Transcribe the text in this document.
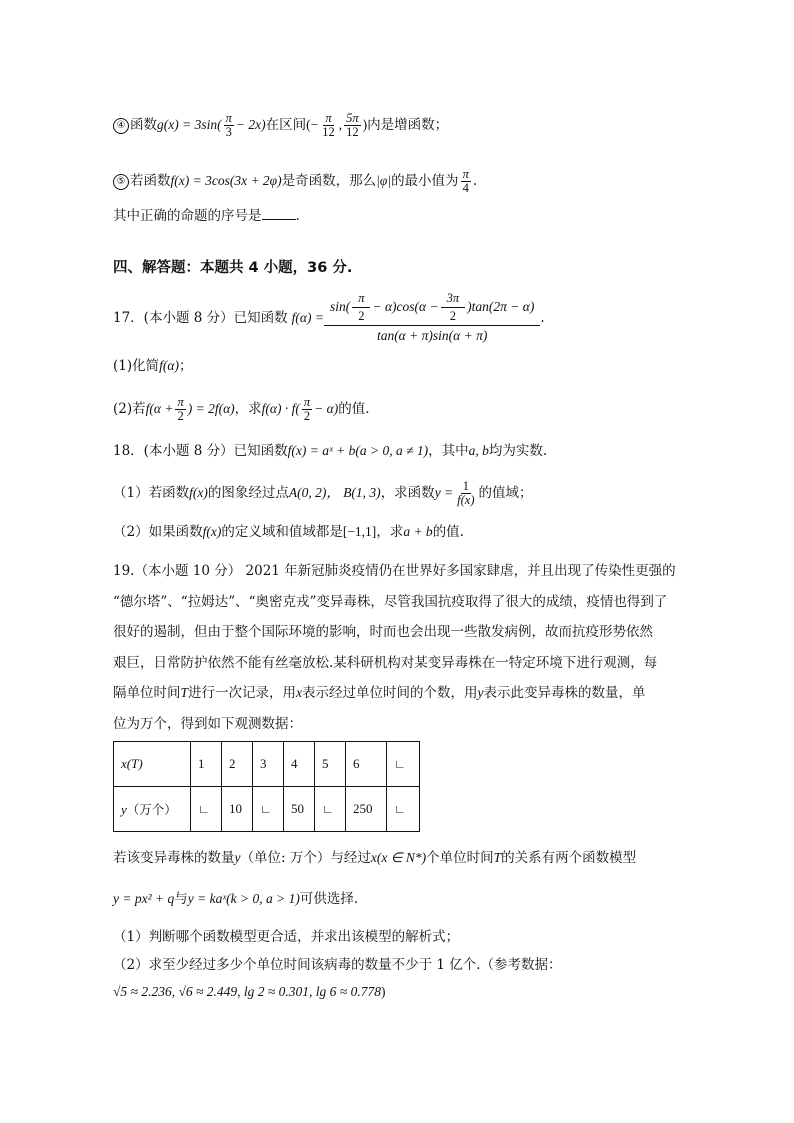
④ 函数$g(x) = 3\sin( \frac{\pi}{3} - 2x)$在区间(− $\frac{\pi}{12}$ , $\frac{5\pi}{12}$ )内是增函数；
⑤ 若函数f(x) = 3cos(3x + 2φ)是奇函数，那么|φ|的最小值为 $\frac{\pi}{4}$ .
其中正确的命题的序号是	.
四、解答题：本题共 4 小题，36 分.
17．(本小题 8 分）已知函数 $f(\alpha) = \frac{\sin( \frac{\pi}{2} - \alpha)\cos(\alpha - \frac{3\pi}{2} )\tan(2\pi - \alpha)}{\tan(\alpha + \pi)\sin(\alpha + \pi)}$ .
(1)化简f(α)；
(2)若$f(\alpha + \frac{\pi}{2}$ ) = 2f(α)，求$f(\alpha) \cdot f( \frac{\pi}{2} - \alpha)$的值.
18．(本小题 8 分）已知函数f(x) = aˣ + b(a > 0, a ≠ 1)，其中a, b均为实数.
（1）若函数f(x)的图象经过点A(0, 2)， B(1, 3)，求函数$y = \frac{1}{f(x)}$ 的值域；
（2）如果函数f(x)的定义域和值域都是[−1,1]，求a + b的值.
19.（本小题 10 分） 2021 年新冠肺炎疫情仍在世界好多国家肆虐，并且出现了传染性更强的
“德尔塔”、“拉姆达”、“奥密克戎”变异毒株，尽管我国抗疫取得了很大的成绩，疫情也得到了
很好的遏制，但由于整个国际环境的影响，时而也会出现一些散发病例，故而抗疫形势依然
艰巨，日常防护依然不能有丝毫放松.某科研机构对某变异毒株在一特定环境下进行观测，每
隔单位时间T进行一次记录，用x表示经过单位时间的个数，用y表示此变异毒株的数量，单
位为万个，得到如下观测数据：
x(T)	1	2	3	4	5	6	∟
y（万个）	∟	10	∟	50	∟	250	∟
若该变异毒株的数量y（单位: 万个）与经过x(x ∈ N*)个单位时间T的关系有两个函数模型
y = px² + q与y = kaˣ(k > 0, a > 1)可供选择.
（1）判断哪个函数模型更合适，并求出该模型的解析式；
（2）求至少经过多少个单位时间该病毒的数量不少于 1 亿个.（参考数据：
√5 ≈ 2.236, √6 ≈ 2.449, lg 2 ≈ 0.301, lg 6 ≈ 0.778)
